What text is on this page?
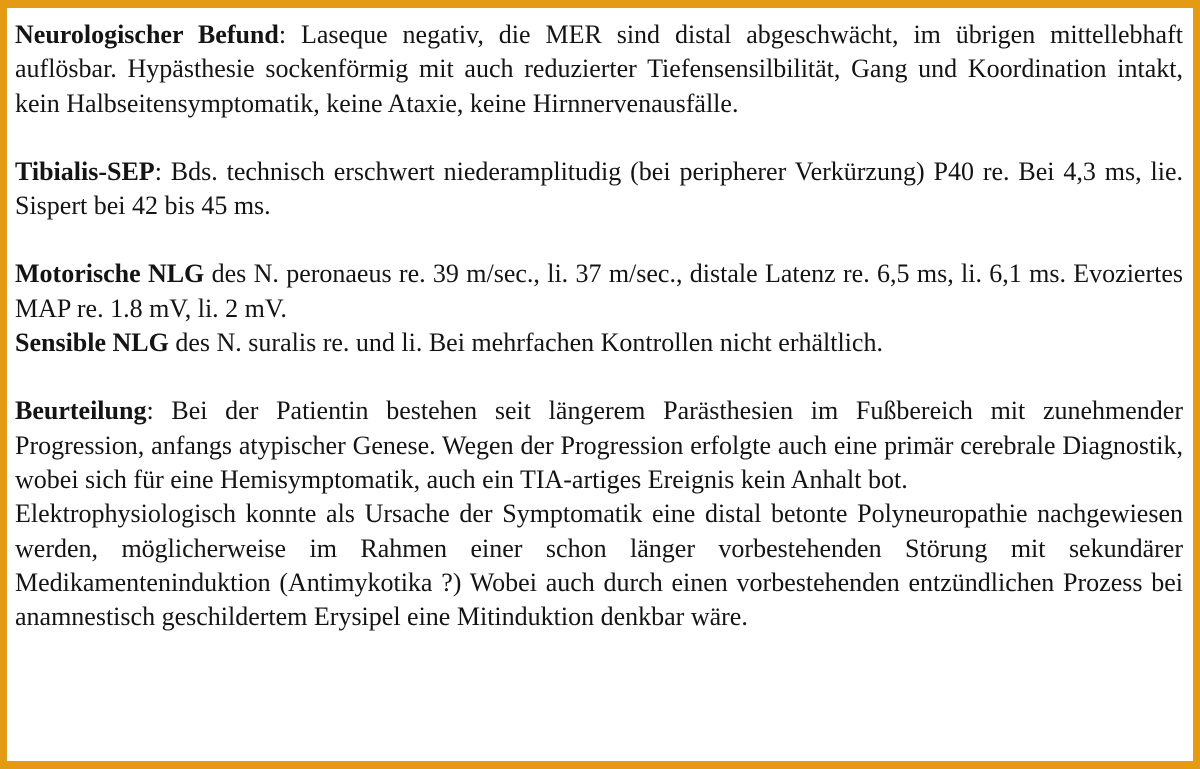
Neurologischer Befund: Laseque negativ, die MER sind distal abgeschwächt, im übrigen mittellebhaft auflösbar. Hypästhesie sockenförmig mit auch reduzierter Tiefensensilbilität, Gang und Koordination intakt, kein Halbseitensymptomatik, keine Ataxie, keine Hirnnervenausfälle.

Tibialis-SEP: Bds. technisch erschwert niederamplitudig (bei peripherer Verkürzung) P40 re. Bei 4,3 ms, lie. Sispert bei 42 bis 45 ms.

Motorische NLG des N. peronaeus re. 39 m/sec., li. 37 m/sec., distale Latenz re. 6,5 ms, li. 6,1 ms. Evoziertes MAP re. 1.8 mV, li. 2 mV.

Sensible NLG des N. suralis re. und li. Bei mehrfachen Kontrollen nicht erhältlich.

Beurteilung: Bei der Patientin bestehen seit längerem Parästhesien im Fußbereich mit zunehmender Progression, anfangs atypischer Genese. Wegen der Progression erfolgte auch eine primär cerebrale Diagnostik, wobei sich für eine Hemisymptomatik, auch ein TIA-artiges Ereignis kein Anhalt bot.

Elektrophysiologisch konnte als Ursache der Symptomatik eine distal betonte Polyneuropathie nachgewiesen werden, möglicherweise im Rahmen einer schon länger vorbestehenden Störung mit sekundärer Medikamenteninduktion (Antimykotika ?) Wobei auch durch einen vorbestehenden entzündlichen Prozess bei anamnestisch geschildertem Erysipel eine Mitinduktion denkbar wäre.
